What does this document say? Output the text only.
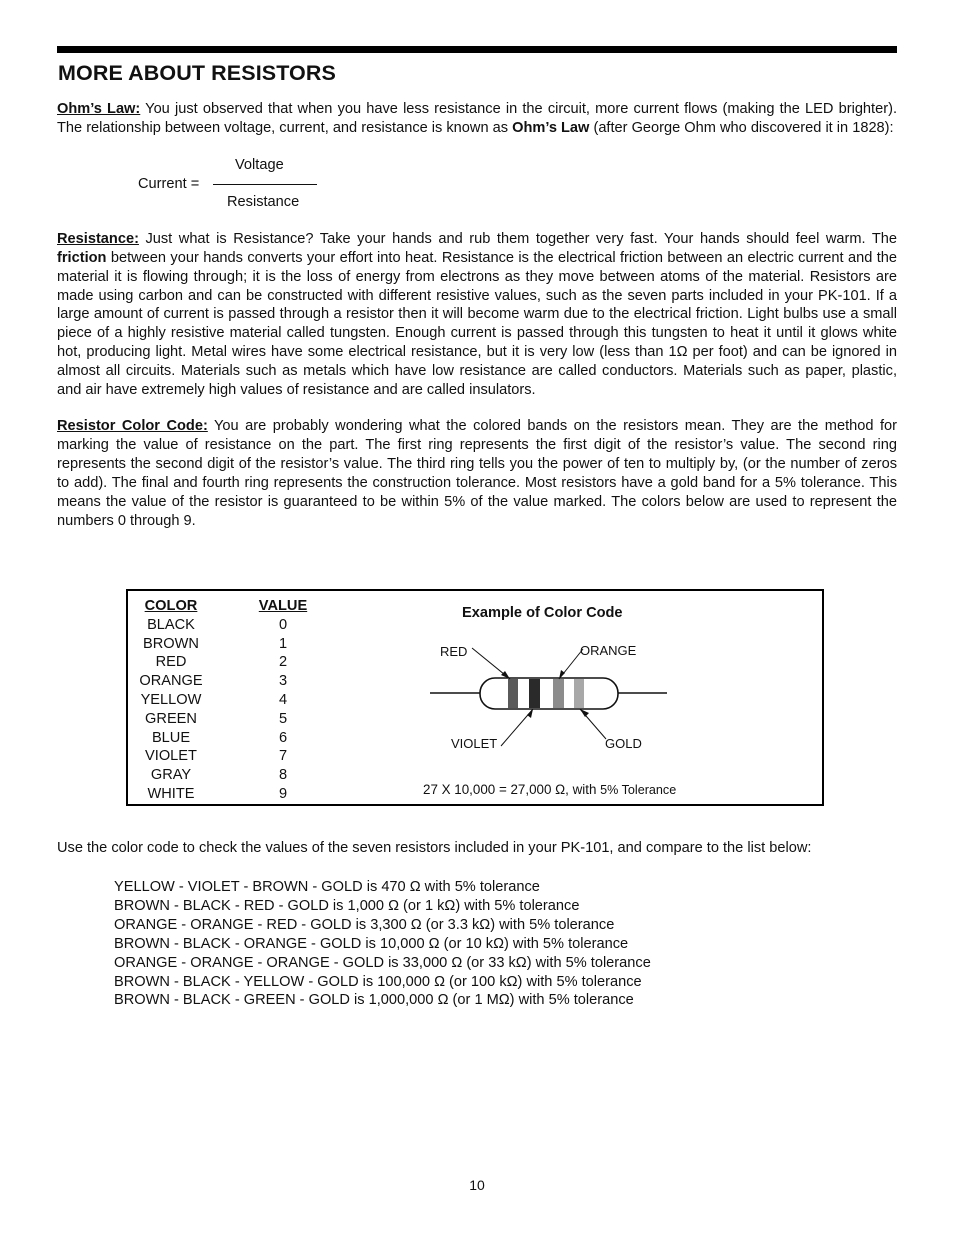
MORE ABOUT RESISTORS

Ohm’s Law: You just observed that when you have less resistance in the circuit, more current flows (making the LED brighter). The relationship between voltage, current, and resistance is known as Ohm’s Law (after George Ohm who discovered it in 1828):

Current =
Voltage
Resistance

Resistance: Just what is Resistance? Take your hands and rub them together very fast. Your hands should feel warm. The friction between your hands converts your effort into heat. Resistance is the electrical friction between an electric current and the material it is flowing through; it is the loss of energy from electrons as they move between atoms of the material. Resistors are made using carbon and can be constructed with different resistive values, such as the seven parts included in your PK-101. If a large amount of current is passed through a resistor then it will become warm due to the electrical friction. Light bulbs use a small piece of a highly resistive material called tungsten. Enough current is passed through this tungsten to heat it until it glows white hot, producing light. Metal wires have some electrical resistance, but it is very low (less than 1Ω per foot) and can be ignored in almost all circuits. Materials such as metals which have low resistance are called conductors. Materials such as paper, plastic, and air have extremely high values of resistance and are called insulators.

Resistor Color Code: You are probably wondering what the colored bands on the resistors mean. They are the method for marking the value of resistance on the part. The first ring represents the first digit of the resistor’s value. The second ring represents the second digit of the resistor’s value. The third ring tells you the power of ten to multiply by, (or the number of zeros to add). The final and fourth ring represents the construction tolerance. Most resistors have a gold band for a 5% tolerance. This means the value of the resistor is guaranteed to be within 5% of the value marked. The colors below are used to represent the numbers 0 through 9.

COLOR
BLACK
BROWN
RED
ORANGE
YELLOW
GREEN
BLUE
VIOLET
GRAY
WHITE
VALUE
0
1
2
3
4
5
6
7
8
9
Example of Color Code
RED	ORANGE
VIOLET	GOLD
27 X 10,000 = 27,000 Ω, with 5% Tolerance
Use the color code to check the values of the seven resistors included in your PK-101, and compare to the list below:
YELLOW - VIOLET - BROWN - GOLD is 470 Ω with 5% tolerance
BROWN - BLACK - RED - GOLD is 1,000 Ω (or 1 kΩ) with 5% tolerance
ORANGE - ORANGE - RED - GOLD is 3,300 Ω (or 3.3 kΩ) with 5% tolerance
BROWN - BLACK - ORANGE - GOLD is 10,000 Ω (or 10 kΩ) with 5% tolerance
ORANGE - ORANGE - ORANGE - GOLD is 33,000 Ω (or 33 kΩ) with 5% tolerance
BROWN - BLACK - YELLOW - GOLD is 100,000 Ω (or 100 kΩ) with 5% tolerance
BROWN - BLACK - GREEN - GOLD is 1,000,000 Ω (or 1 MΩ) with 5% tolerance
10
